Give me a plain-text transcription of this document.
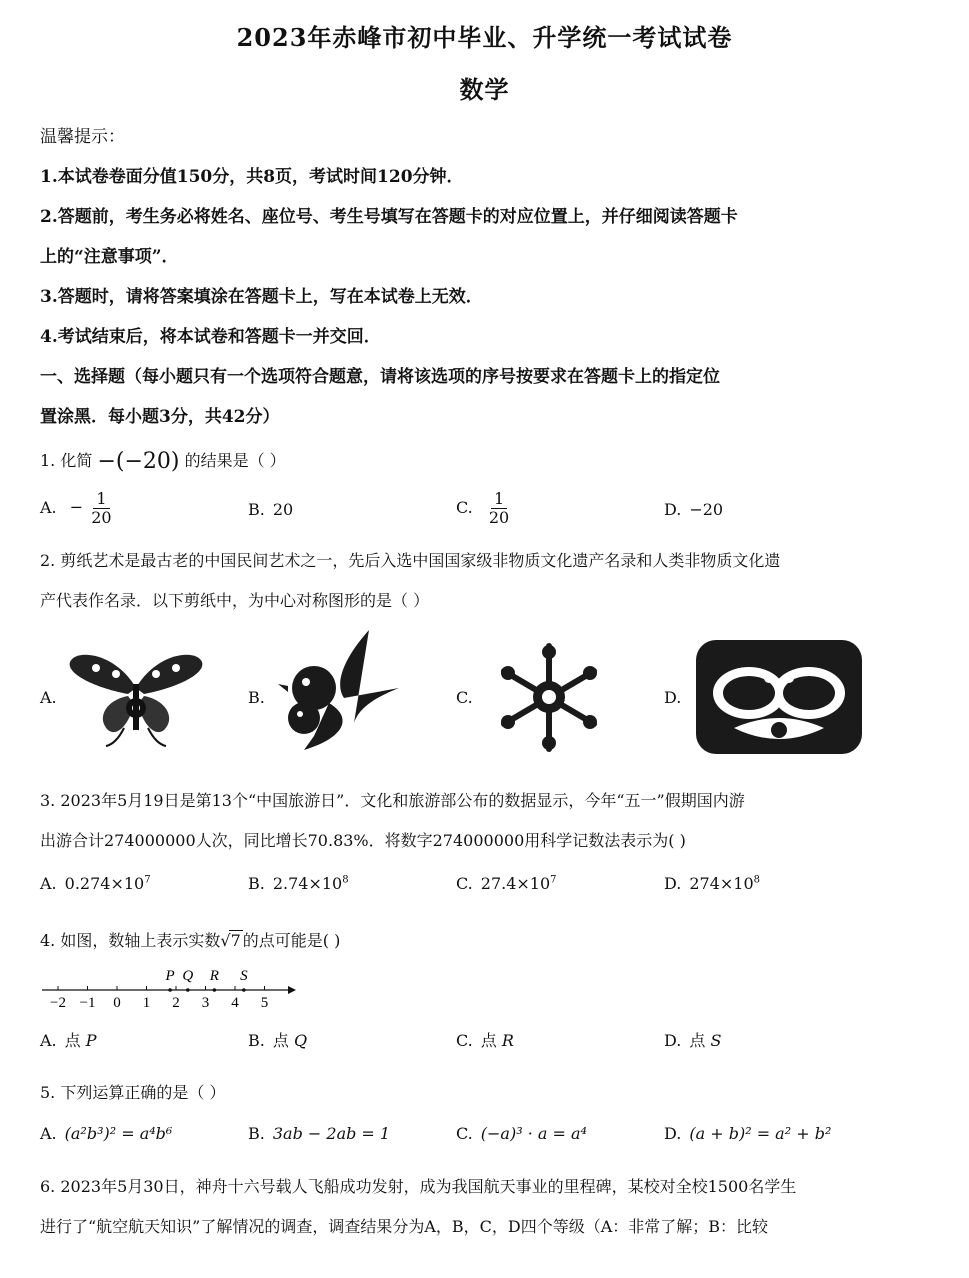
2023年赤峰市初中毕业、升学统一考试试卷
数学
温馨提示：
1.本试卷卷面分值150分，共8页，考试时间120分钟．
2.答题前，考生务必将姓名、座位号、考生号填写在答题卡的对应位置上，并仔细阅读答题卡
上的“注意事项”．
3.答题时，请将答案填涂在答题卡上，写在本试卷上无效．
4.考试结束后，将本试卷和答题卡一并交回．
一、选择题（每小题只有一个选项符合题意，请将该选项的序号按要求在答题卡上的指定位
置涂黑．每小题3分，共42分）
1. 化简 −(−20) 的结果是（ ）
A. − $\frac{1}{20}$	B. 20	C. $\frac{1}{20}$	D. −20
2. 剪纸艺术是最古老的中国民间艺术之一，先后入选中国国家级非物质文化遗产名录和人类非物质文化遗
产代表作名录．以下剪纸中，为中心对称图形的是（ ）
A.	B.	C.	D.
3. 2023年5月19日是第13个“中国旅游日”．文化和旅游部公布的数据显示，今年“五一”假期国内游
出游合计274000000人次，同比增长70.83%．将数字274000000用科学记数法表示为( )
A. $0.274\times 10^7$	B. $2.74\times 10^8$	C. $27.4\times 10^7$	D. $274\times 10^8$
4. 如图，数轴上表示实数√7 的点可能是( )
−2 −1 0 1 2 3 4 5
P Q R S
A. 点 P	B. 点 Q	C. 点 R	D. 点 S
5. 下列运算正确的是（ ）
A. (a²b³)² = a⁴b⁶	B. 3ab − 2ab = 1	C. (−a)³ · a = a⁴	D. (a + b)² = a² + b²
6. 2023年5月30日，神舟十六号载人飞船成功发射，成为我国航天事业的里程碑，某校对全校1500名学生
进行了“航空航天知识”了解情况的调查，调查结果分为A，B，C，D四个等级（A：非常了解；B：比较
